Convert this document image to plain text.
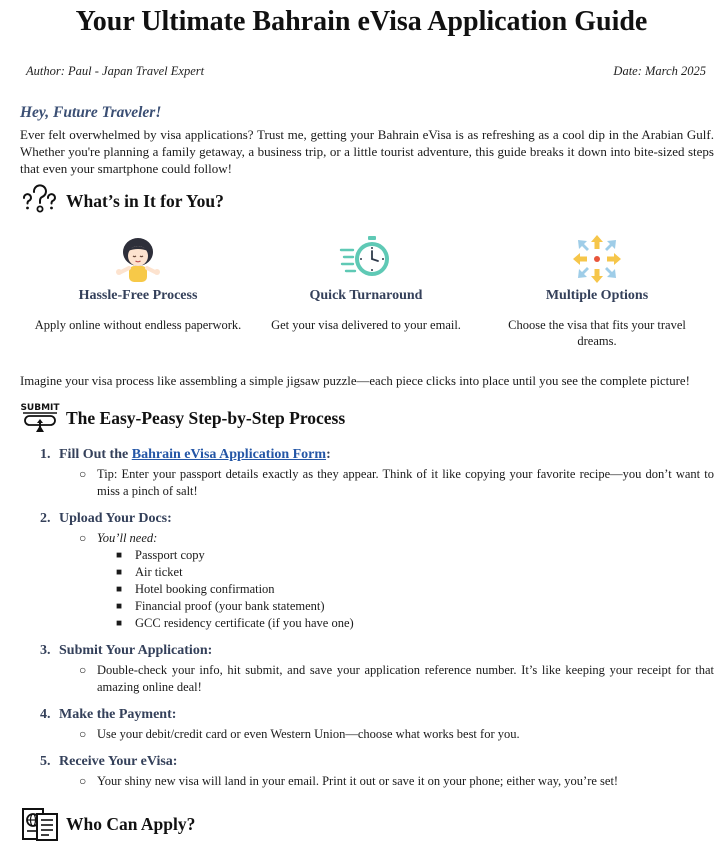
Your Ultimate Bahrain eVisa Application Guide
Author: Paul - Japan Travel Expert	Date: March 2025
Hey, Future Traveler!

Ever felt overwhelmed by visa applications? Trust me, getting your Bahrain eVisa is as refreshing as a cool dip in the Arabian Gulf. Whether you're planning a family getaway, a business trip, or a little tourist adventure, this guide breaks it down into bite-sized steps that even your smartphone could follow!

What’s in It for You?
Hassle-Free Process

Apply online without endless paperwork.

Quick Turnaround

Get your visa delivered to your email.

Multiple Options

Choose the visa that fits your travel dreams.

Imagine your visa process like assembling a simple jigsaw puzzle—each piece clicks into place until you see the complete picture!

SUBMIT The Easy-Peasy Step-by-Step Process
1. Fill Out the Bahrain eVisa Application Form:
○ Tip: Enter your passport details exactly as they appear. Think of it like copying your favorite recipe—you don’t want to miss a pinch of salt!
2. Upload Your Docs:
○ You’ll need:
■	Passport copy
■	Air ticket
■	Hotel booking confirmation
■	Financial proof (your bank statement)
■	GCC residency certificate (if you have one)
3. Submit Your Application:
○ Double-check your info, hit submit, and save your application reference number. It’s like keeping your receipt for that amazing online deal!
4. Make the Payment:
○ Use your debit/credit card or even Western Union—choose what works best for you.
5. Receive Your eVisa:
○ Your shiny new visa will land in your email. Print it out or save it on your phone; either way, you’re set!
Who Can Apply?
